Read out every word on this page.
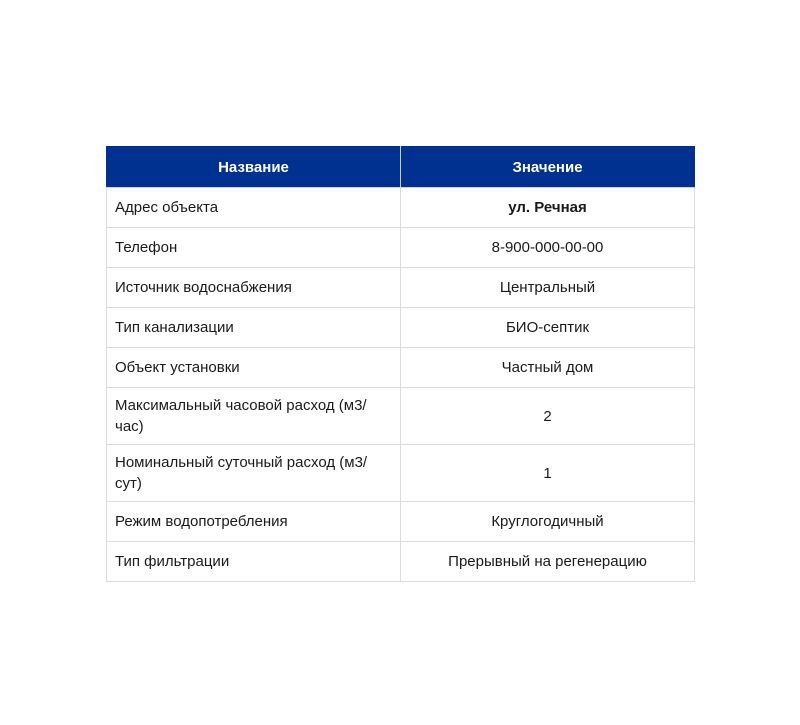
Название	Значение
Адрес объекта	ул. Речная
Телефон	8-900-000-00-00
Источник водоснабжения	Центральный
Тип канализации	БИО-септик
Объект установки	Частный дом
Максимальный часовой расход (м3/час)	2
Номинальный суточный расход (м3/сут)	1
Режим водопотребления	Круглогодичный
Тип фильтрации	Прерывный на регенерацию
